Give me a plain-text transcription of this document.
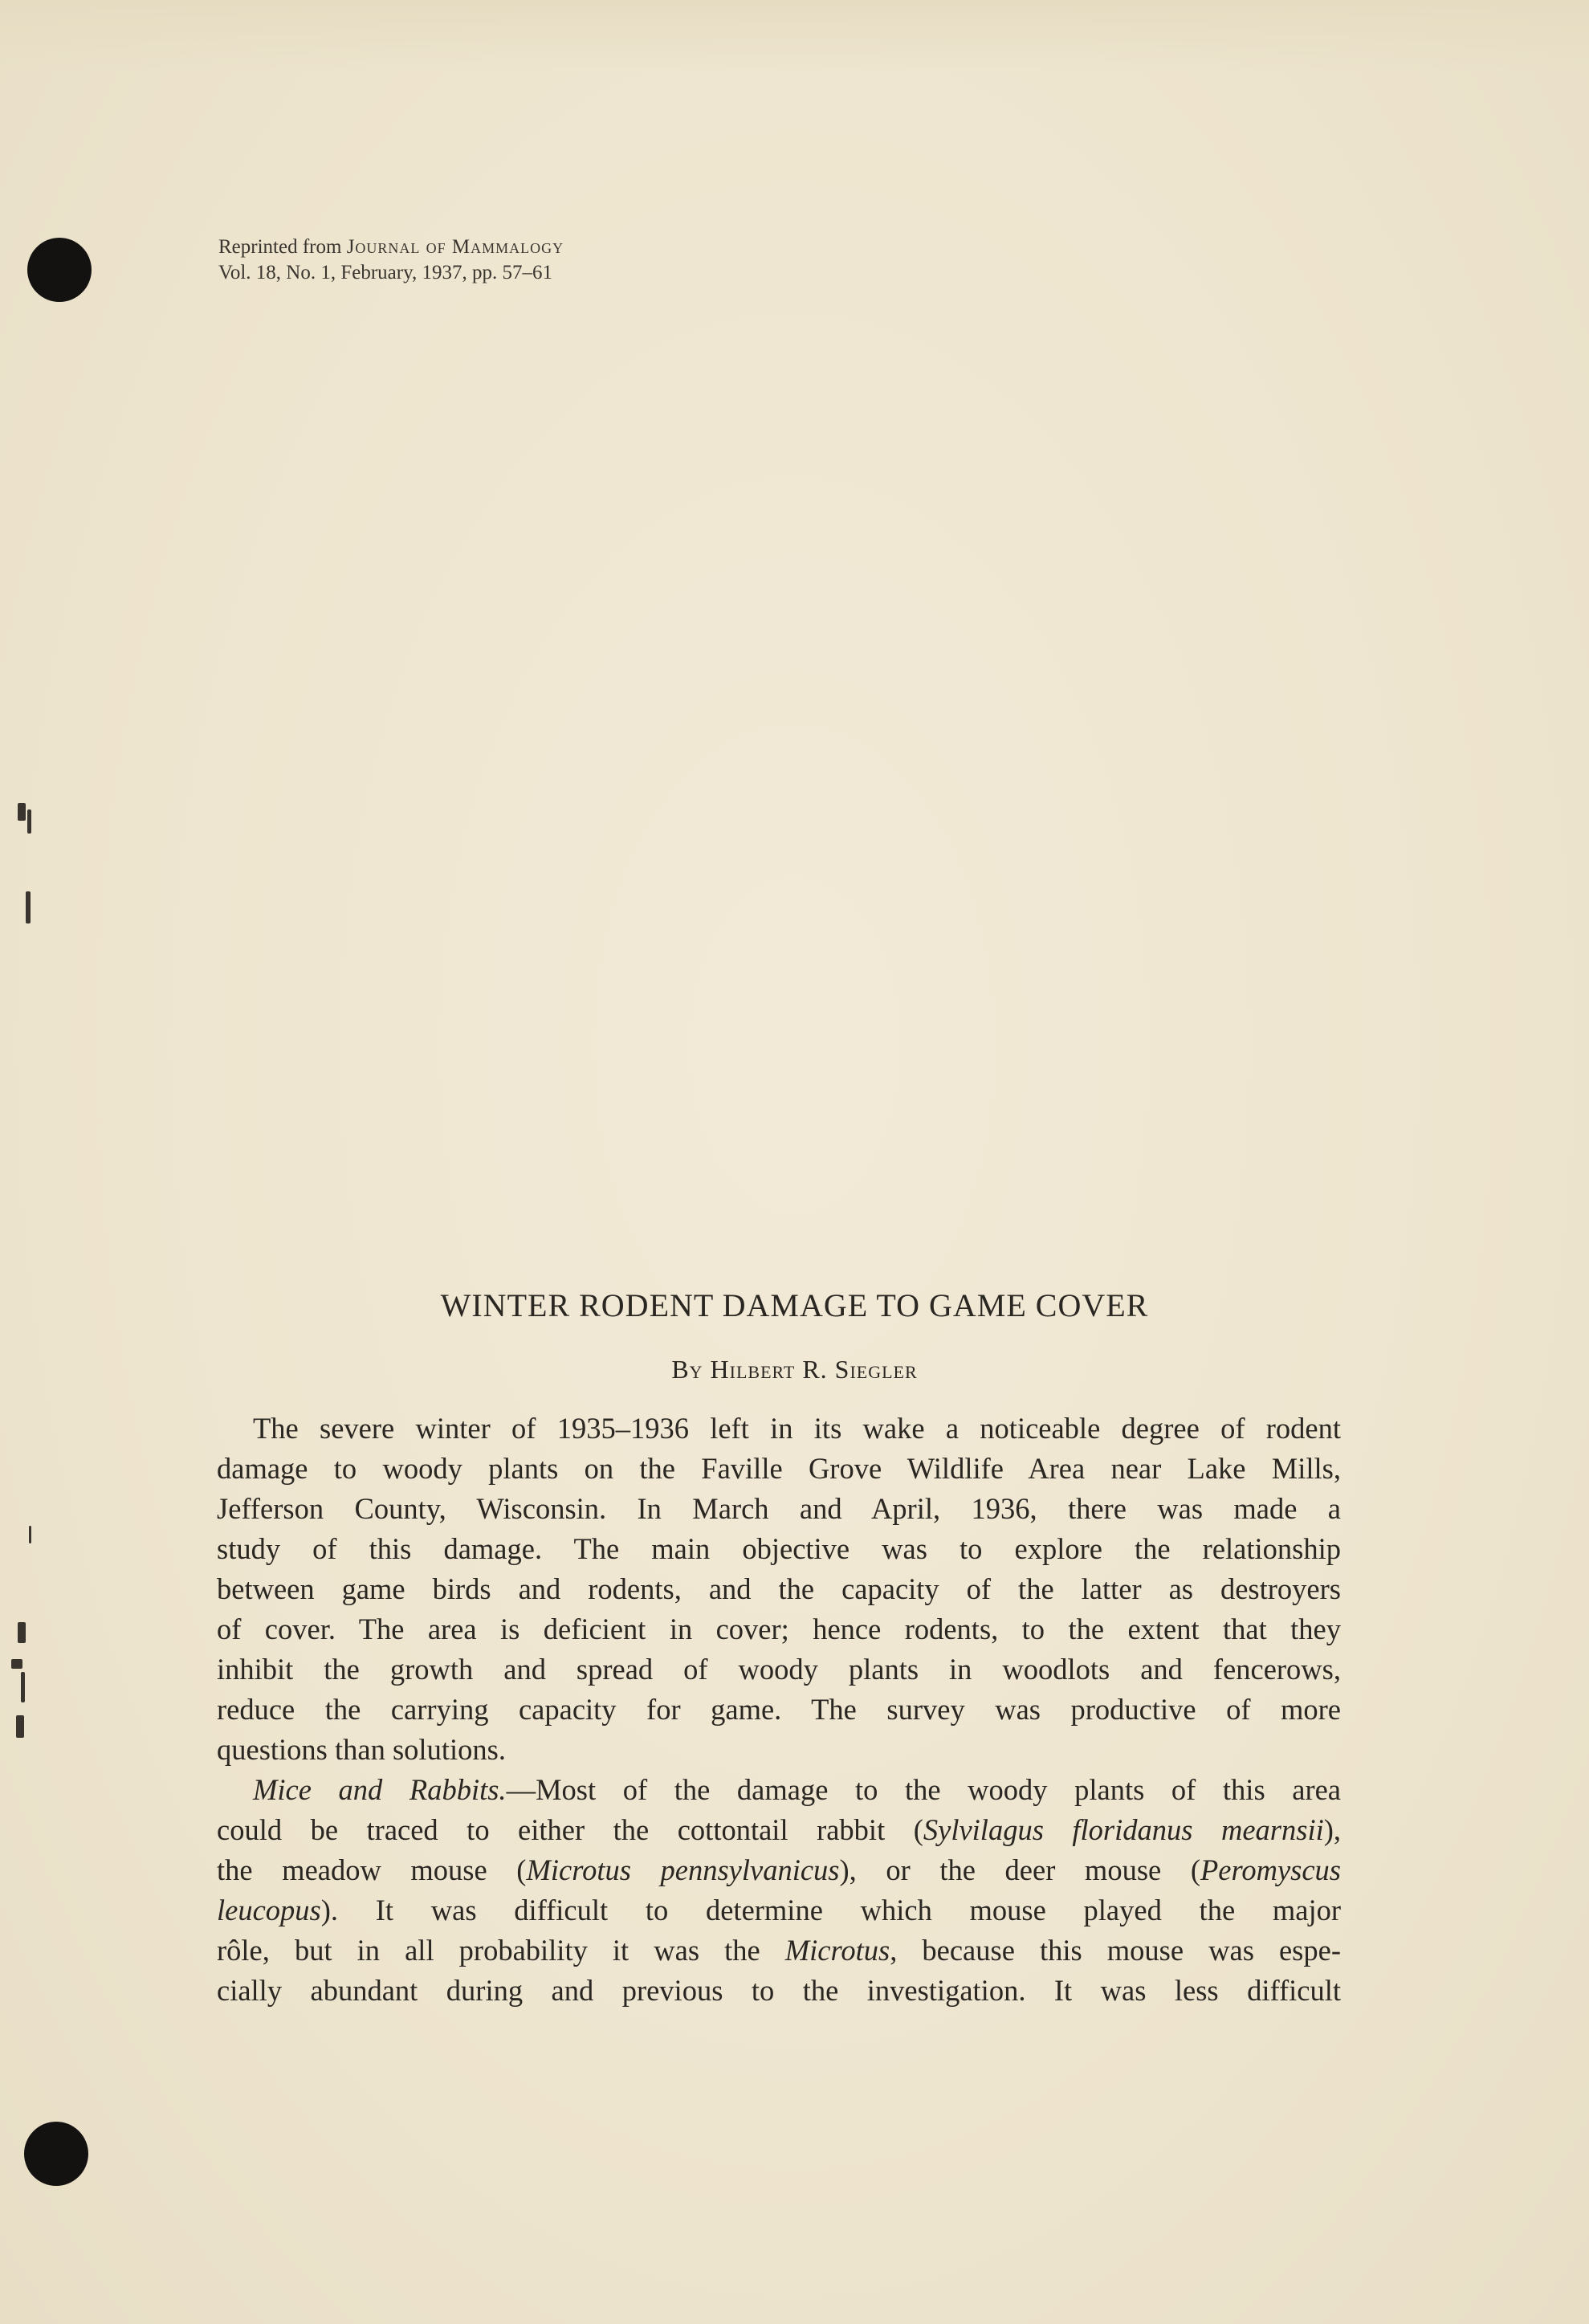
Reprinted from Journal of Mammalogy
Vol. 18, No. 1, February, 1937, pp. 57–61
WINTER RODENT DAMAGE TO GAME COVER
By Hilbert R. Siegler
The severe winter of 1935–1936 left in its wake a noticeable degree of rodent
damage to woody plants on the Faville Grove Wildlife Area near Lake Mills,
Jefferson County, Wisconsin. In March and April, 1936, there was made a
study of this damage. The main objective was to explore the relationship
between game birds and rodents, and the capacity of the latter as destroyers
of cover. The area is deficient in cover; hence rodents, to the extent that they
inhibit the growth and spread of woody plants in woodlots and fencerows,
reduce the carrying capacity for game. The survey was productive of more
questions than solutions.
Mice and Rabbits.—Most of the damage to the woody plants of this area
could be traced to either the cottontail rabbit (Sylvilagus floridanus mearnsii),
the meadow mouse (Microtus pennsylvanicus), or the deer mouse (Peromyscus
leucopus). It was difficult to determine which mouse played the major
rôle, but in all probability it was the Microtus, because this mouse was espe-
cially abundant during and previous to the investigation. It was less difficult
